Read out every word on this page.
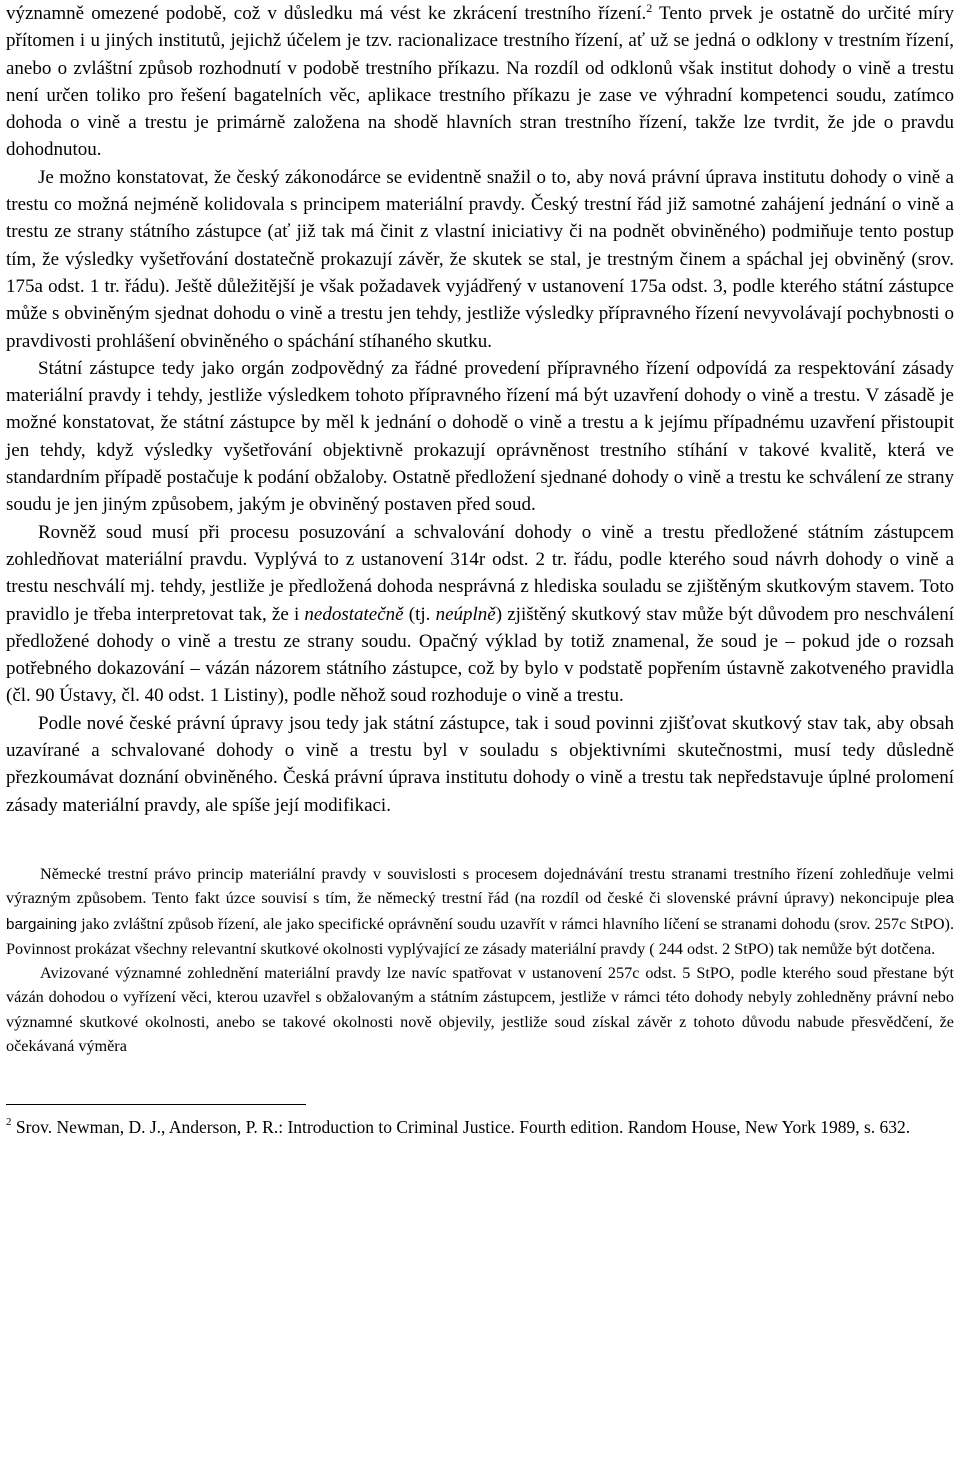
významně omezené podobě, což v důsledku má vést ke zkrácení trestního řízení.$^2$ Tento prvek je ostatně do určité míry přítomen i u jiných institutů, jejichž účelem je tzv. racionalizace trestního řízení, ať už se jedná o odklony v trestním řízení, anebo o zvláštní způsob rozhodnutí v podobě trestního příkazu. Na rozdíl od odklonů však institut dohody o vině a trestu není určen toliko pro řešení bagatelních věc, aplikace trestního příkazu je zase ve výhradní kompetenci soudu, zatímco dohoda o vině a trestu je primárně založena na shodě hlavních stran trestního řízení, takže lze tvrdit, že jde o pravdu dohodnutou.

Je možno konstatovat, že český zákonodárce se evidentně snažil o to, aby nová právní úprava institutu dohody o vině a trestu co možná nejméně kolidovala s principem materiální pravdy. Český trestní řád již samotné zahájení jednání o vině a trestu ze strany státního zástupce (ať již tak má činit z vlastní iniciativy či na podnět obviněného) podmiňuje tento postup tím, že výsledky vyšetřování dostatečně prokazují závěr, že skutek se stal, je trestným činem a spáchal jej obviněný (srov. 175a odst. 1 tr. řádu). Ještě důležitější je však požadavek vyjádřený v ustanovení 175a odst. 3, podle kterého státní zástupce může s obviněným sjednat dohodu o vině a trestu jen tehdy, jestliže výsledky přípravného řízení nevyvolávají pochybnosti o pravdivosti prohlášení obviněného o spáchání stíhaného skutku.

Státní zástupce tedy jako orgán zodpovědný za řádné provedení přípravného řízení odpovídá za respektování zásady materiální pravdy i tehdy, jestliže výsledkem tohoto přípravného řízení má být uzavření dohody o vině a trestu. V zásadě je možné konstatovat, že státní zástupce by měl k jednání o dohodě o vině a trestu a k jejímu případnému uzavření přistoupit jen tehdy, když výsledky vyšetřování objektivně prokazují oprávněnost trestního stíhání v takové kvalitě, která ve standardním případě postačuje k podání obžaloby. Ostatně předložení sjednané dohody o vině a trestu ke schválení ze strany soudu je jen jiným způsobem, jakým je obviněný postaven před soud.

Rovněž soud musí při procesu posuzování a schvalování dohody o vině a trestu předložené státním zástupcem zohledňovat materiální pravdu. Vyplývá to z ustanovení 314r odst. 2 tr. řádu, podle kterého soud návrh dohody o vině a trestu neschválí mj. tehdy, jestliže je předložená dohoda nesprávná z hlediska souladu se zjištěným skutkovým stavem. Toto pravidlo je třeba interpretovat tak, že i nedostatečně (tj. neúplně) zjištěný skutkový stav může být důvodem pro neschválení předložené dohody o vině a trestu ze strany soudu. Opačný výklad by totiž znamenal, že soud je – pokud jde o rozsah potřebného dokazování – vázán názorem státního zástupce, což by bylo v podstatě popřením ústavně zakotveného pravidla (čl. 90 Ústavy, čl. 40 odst. 1 Listiny), podle něhož soud rozhoduje o vině a trestu.

Podle nové české právní úpravy jsou tedy jak státní zástupce, tak i soud povinni zjišťovat skutkový stav tak, aby obsah uzavírané a schvalované dohody o vině a trestu byl v souladu s objektivními skutečnostmi, musí tedy důsledně přezkoumávat doznání obviněného. Česká právní úprava institutu dohody o vině a trestu tak nepředstavuje úplné prolomení zásady materiální pravdy, ale spíše její modifikaci.

Německé trestní právo princip materiální pravdy v souvislosti s procesem dojednávání trestu stranami trestního řízení zohledňuje velmi výrazným způsobem. Tento fakt úzce souvisí s tím, že německý trestní řád (na rozdíl od české či slovenské právní úpravy) nekoncipuje plea bargaining jako zvláštní způsob řízení, ale jako specifické oprávnění soudu uzavřít v rámci hlavního líčení se stranami dohodu (srov. 257c StPO). Povinnost prokázat všechny relevantní skutkové okolnosti vyplývající ze zásady materiální pravdy ( 244 odst. 2 StPO) tak nemůže být dotčena.

Avizované významné zohlednění materiální pravdy lze navíc spatřovat v ustanovení 257c odst. 5 StPO, podle kterého soud přestane být vázán dohodou o vyřízení věci, kterou uzavřel s obžalovaným a státním zástupcem, jestliže v rámci této dohody nebyly zohledněny právní nebo významné skutkové okolnosti, anebo se takové okolnosti nově objevily, jestliže soud získal závěr z tohoto důvodu nabude přesvědčení, že očekávaná výměra

$^2$ Srov. Newman, D. J., Anderson, P. R.: Introduction to Criminal Justice. Fourth edition. Random House, New York 1989, s. 632.
